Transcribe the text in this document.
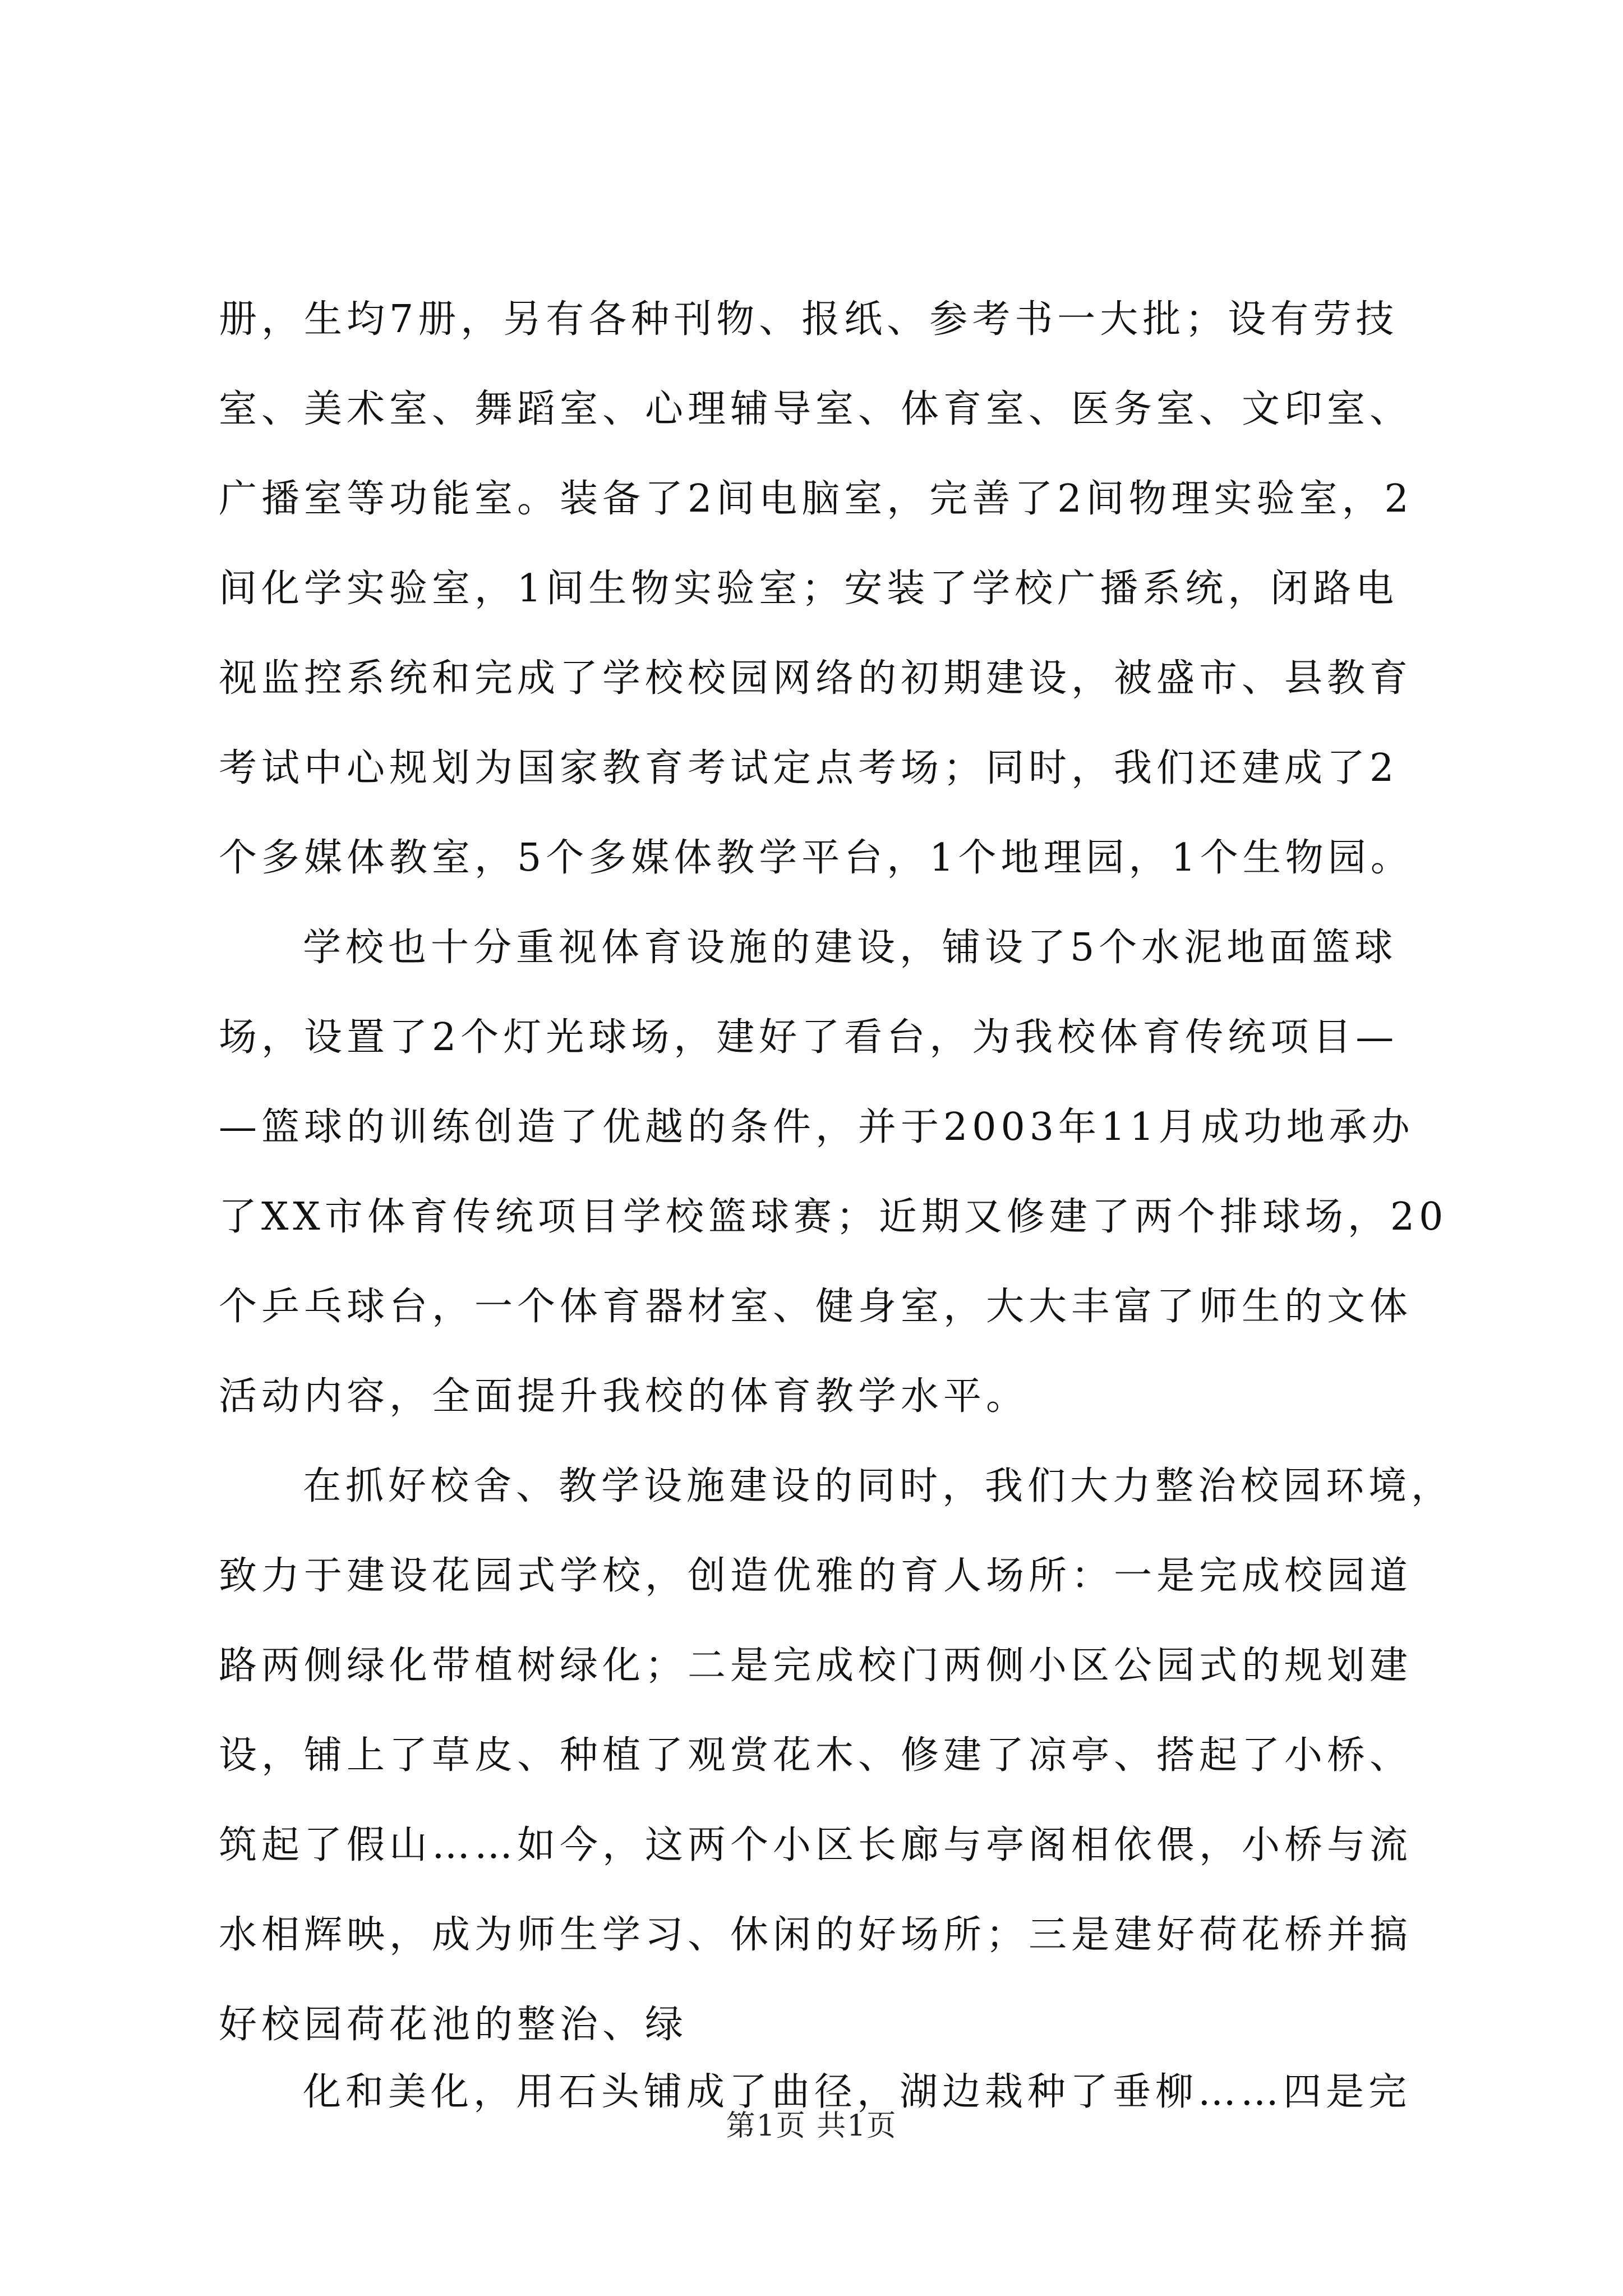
册，生均7册，另有各种刊物、报纸、参考书一大批；设有劳技
室、美术室、舞蹈室、心理辅导室、体育室、医务室、文印室、
广播室等功能室。装备了2间电脑室，完善了2间物理实验室，2
间化学实验室，1间生物实验室；安装了学校广播系统，闭路电
视监控系统和完成了学校校园网络的初期建设，被盛市、县教育
考试中心规划为国家教育考试定点考场；同时，我们还建成了2
个多媒体教室，5个多媒体教学平台，1个地理园，1个生物园。
学校也十分重视体育设施的建设，铺设了5个水泥地面篮球
场，设置了2个灯光球场，建好了看台，为我校体育传统项目—
—篮球的训练创造了优越的条件，并于2003年11月成功地承办
了XX市体育传统项目学校篮球赛；近期又修建了两个排球场，20
个乒乓球台，一个体育器材室、健身室，大大丰富了师生的文体
活动内容，全面提升我校的体育教学水平。
在抓好校舍、教学设施建设的同时，我们大力整治校园环境，
致力于建设花园式学校，创造优雅的育人场所：一是完成校园道
路两侧绿化带植树绿化；二是完成校门两侧小区公园式的规划建
设，铺上了草皮、种植了观赏花木、修建了凉亭、搭起了小桥、
筑起了假山……如今，这两个小区长廊与亭阁相依偎，小桥与流
水相辉映，成为师生学习、休闲的好场所；三是建好荷花桥并搞
好校园荷花池的整治、绿
化和美化，用石头铺成了曲径，湖边栽种了垂柳……四是完
第1页 共1页
